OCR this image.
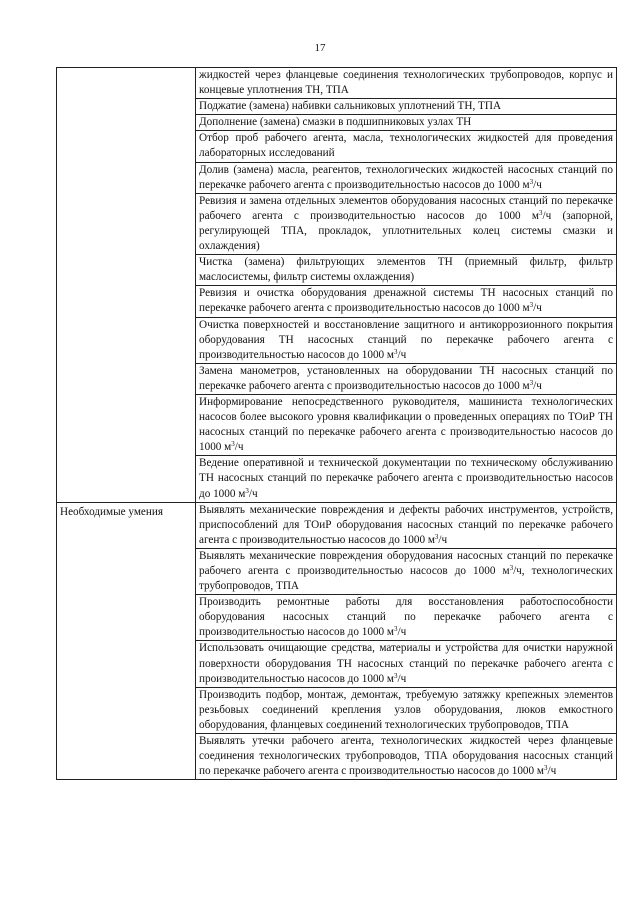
17
	жидкостей через фланцевые соединения технологических трубопроводов, корпус и концевые уплотнения ТН, ТПА
	Поджатие (замена) набивки сальниковых уплотнений ТН, ТПА
	Дополнение (замена) смазки в подшипниковых узлах ТН
	Отбор проб рабочего агента, масла, технологических жидкостей для проведения лабораторных исследований
	Долив (замена) масла, реагентов, технологических жидкостей насосных станций по перекачке рабочего агента с производительностью насосов до 1000 $м^3/ч$
	Ревизия и замена отдельных элементов оборудования насосных станций по перекачке рабочего агента с производительностью насосов до 1000 $м^3/ч$ (запорной, регулирующей ТПА, прокладок, уплотнительных колец системы смазки и охлаждения)
	Чистка (замена) фильтрующих элементов ТН (приемный фильтр, фильтр маслосистемы, фильтр системы охлаждения)
	Ревизия и очистка оборудования дренажной системы ТН насосных станций по перекачке рабочего агента с производительностью насосов до 1000 $м^3/ч$
	Очистка поверхностей и восстановление защитного и антикоррозионного покрытия оборудования ТН насосных станций по перекачке рабочего агента с производительностью насосов до 1000 $м^3/ч$
	Замена манометров, установленных на оборудовании ТН насосных станций по перекачке рабочего агента с производительностью насосов до 1000 $м^3/ч$
	Информирование непосредственного руководителя, машиниста технологических насосов более высокого уровня квалификации о проведенных операциях по ТОиР ТН насосных станций по перекачке рабочего агента с производительностью насосов до 1000 $м^3/ч$
	Ведение оперативной и технической документации по техническому обслуживанию ТН насосных станций по перекачке рабочего агента с производительностью насосов до 1000 $м^3/ч$
Необходимые умения	Выявлять механические повреждения и дефекты рабочих инструментов, устройств, приспособлений для ТОиР оборудования насосных станций по перекачке рабочего агента с производительностью насосов до 1000 $м^3/ч$
	Выявлять механические повреждения оборудования насосных станций по перекачке рабочего агента с производительностью насосов до 1000 $м^3/ч$, технологических трубопроводов, ТПА
	Производить ремонтные работы для восстановления работоспособности оборудования насосных станций по перекачке рабочего агента с производительностью насосов до 1000 $м^3/ч$
	Использовать очищающие средства, материалы и устройства для очистки наружной поверхности оборудования ТН насосных станций по перекачке рабочего агента с производительностью насосов до 1000 $м^3/ч$
	Производить подбор, монтаж, демонтаж, требуемую затяжку крепежных элементов резьбовых соединений крепления узлов оборудования, люков емкостного оборудования, фланцевых соединений технологических трубопроводов, ТПА
	Выявлять утечки рабочего агента, технологических жидкостей через фланцевые соединения технологических трубопроводов, ТПА оборудования насосных станций по перекачке рабочего агента с производительностью насосов до 1000 $м^3/ч$
